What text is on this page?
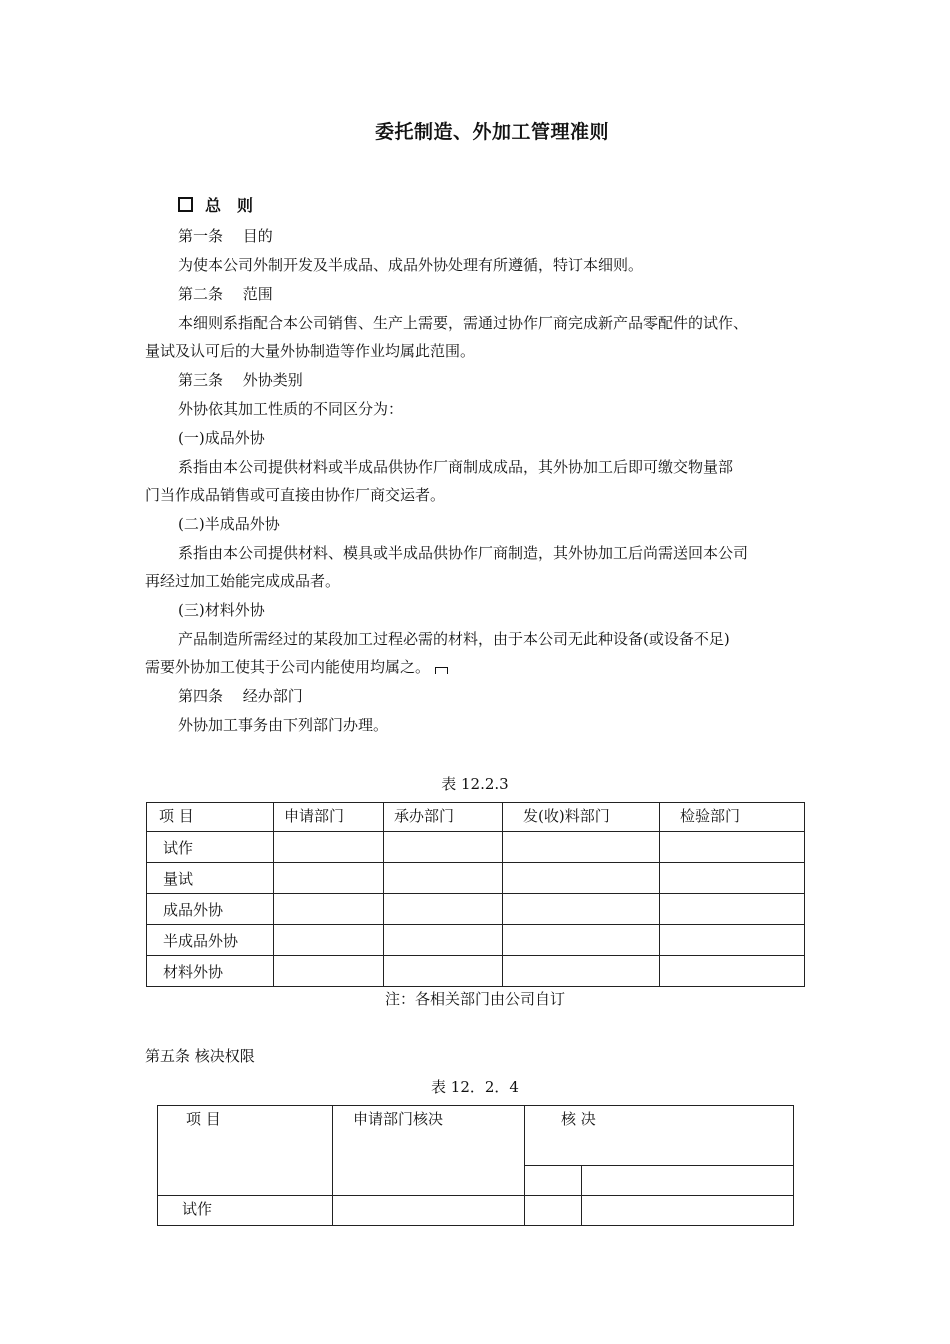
委托制造、外加工管理准则
总　则
第一条　 目的
为使本公司外制开发及半成品、成品外协处理有所遵循，特订本细则。
第二条　 范围
本细则系指配合本公司销售、生产上需要，需通过协作厂商完成新产品零配件的试作、
量试及认可后的大量外协制造等作业均属此范围。
第三条　 外协类别
外协依其加工性质的不同区分为：
(一)成品外协
系指由本公司提供材料或半成品供协作厂商制成成品，其外协加工后即可缴交物量部
门当作成品销售或可直接由协作厂商交运者。
(二)半成品外协
系指由本公司提供材料、模具或半成品供协作厂商制造，其外协加工后尚需送回本公司
再经过加工始能完成成品者。
(三)材料外协
产品制造所需经过的某段加工过程必需的材料，由于本公司无此种设备(或设备不足)
需要外协加工使其于公司内能使用均属之。
第四条　 经办部门
外协加工事务由下列部门办理。
表 12.2.3
项 目	申请部门	承办部门	发(收)料部门	检验部门
试作				
量试				
成品外协				
半成品外协				
材料外协				
注：各相关部门由公司自订
第五条 核决权限
表 12．2．4
项 目	申请部门核决	核 决	

试作			
